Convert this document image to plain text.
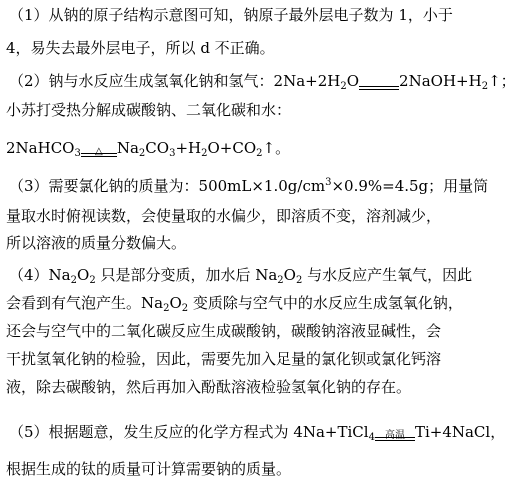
（1）从钠的原子结构示意图可知，钠原子最外层电子数为 1，小于
4，易失去最外层电子，所以 d 不正确。
（2）钠与水反应生成氢氧化钠和氢气：$2Na+2H_2O$
	$2NaOH+H_2↑$；
小苏打受热分解成碳酸钠、二氧化碳和水：
2NaHCO$_3$	△ $Na_2CO_3+H_2O+CO_2↑$。
（3）需要氯化钠的质量为：$500mL\times 1.0g/cm^3\times 0.9\%=4.5g$；用量筒
量取水时俯视读数，会使量取的水偏少，即溶质不变，溶剂减少，
所以溶液的质量分数偏大。
$(4)Na_2O_2$ 只是部分变质，加水后 $Na_2O_2$ 与水反应产生氧气，因此
会看到有气泡产生。$Na_2O_2$ 变质除与空气中的水反应生成氢氧化钠，
还会与空气中的二氧化碳反应生成碳酸钠，碳酸钠溶液显碱性，会
干扰氢氧化钠的检验，因此，需要先加入足量的氯化钡或氯化钙溶
液，除去碳酸钠，然后再加入酚酞溶液检验氢氧化钠的存在。
（5）根据题意，发生反应的化学方程式为 4Na+TiCl$_4$	高温 Ti+4NaCl，
根据生成的钛的质量可计算需要钠的质量。
